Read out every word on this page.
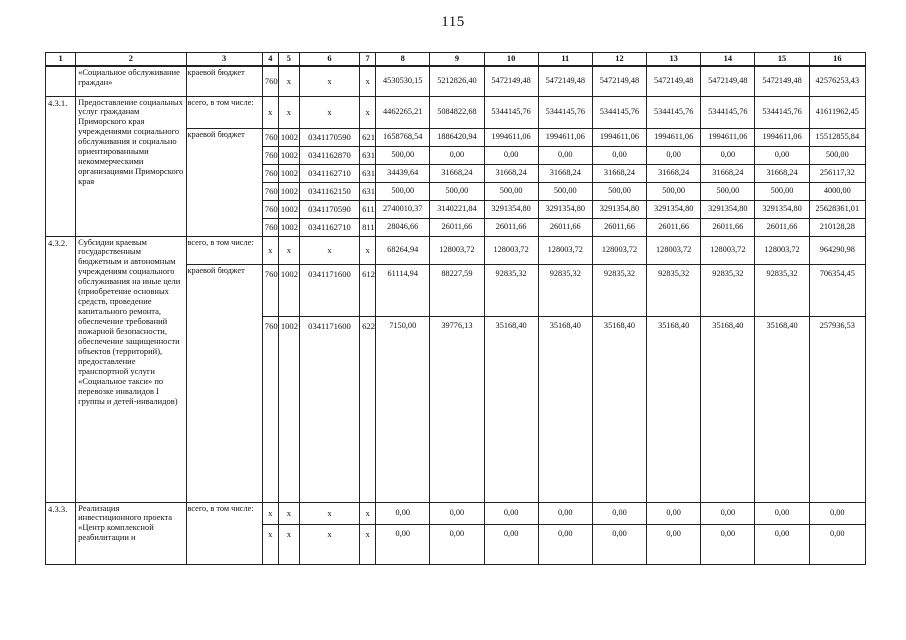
115
1	2	3	4	5	6	7	8	9	10	11	12	13	14	15	16
	«Социальное обслуживание граждан»	краевой бюджет	760	x	x	x	4530530,15	5212826,40	5472149,48	5472149,48	5472149,48	5472149,48	5472149,48	5472149,48	42576253,43
4.3.1.	Предоставление социальных услуг гражданам Приморского края учреждениями социального обслуживания и социально ориентированными некоммерческими организациями Приморского края	всего, в том числе:	x	x	x	x	4462265,21	5084822,68	5344145,76	5344145,76	5344145,76	5344145,76	5344145,76	5344145,76	41611962,45
		краевой бюджет	760	1002	0341170590	621	1658768,54	1886420,94	1994611,06	1994611,06	1994611,06	1994611,06	1994611,06	1994611,06	15512855,84
			760	1002	0341162870	631	500,00	0,00	0,00	0,00	0,00	0,00	0,00	0,00	500,00
			760	1002	0341162710	631	34439,64	31668,24	31668,24	31668,24	31668,24	31668,24	31668,24	31668,24	256117,32
			760	1002	0341162150	631	500,00	500,00	500,00	500,00	500,00	500,00	500,00	500,00	4000,00
			760	1002	0341170590	611	2740010,37	3140221,84	3291354,80	3291354,80	3291354,80	3291354,80	3291354,80	3291354,80	25628361,01
			760	1002	0341162710	811	28046,66	26011,66	26011,66	26011,66	26011,66	26011,66	26011,66	26011,66	210128,28
4.3.2.	Субсидии краевым государственным бюджетным и автономным учреждениям социального обслуживания на иные цели (приобретение основных средств, проведение капитального ремонта, обеспечение требований пожарной безопасности, обеспечение защищенности объектов (территорий), предоставление транспортной услуги «Социальное такси» по перевозке инвалидов I группы и детей-инвалидов)	всего, в том числе:	x	x	x	x	68264,94	128003,72	128003,72	128003,72	128003,72	128003,72	128003,72	128003,72	964290,98
		краевой бюджет	760	1002	0341171600	612	61114,94	88227,59	92835,32	92835,32	92835,32	92835,32	92835,32	92835,32	706354,45
			760	1002	0341171600	622	7150,00	39776,13	35168,40	35168,40	35168,40	35168,40	35168,40	35168,40	257936,53
4.3.3.	Реализация инвестиционного проекта «Центр комплексной реабилитации и	всего, в том числе:	x	x	x	x	0,00	0,00	0,00	0,00	0,00	0,00	0,00	0,00	0,00
			x	x	x	x	0,00	0,00	0,00	0,00	0,00	0,00	0,00	0,00	0,00
